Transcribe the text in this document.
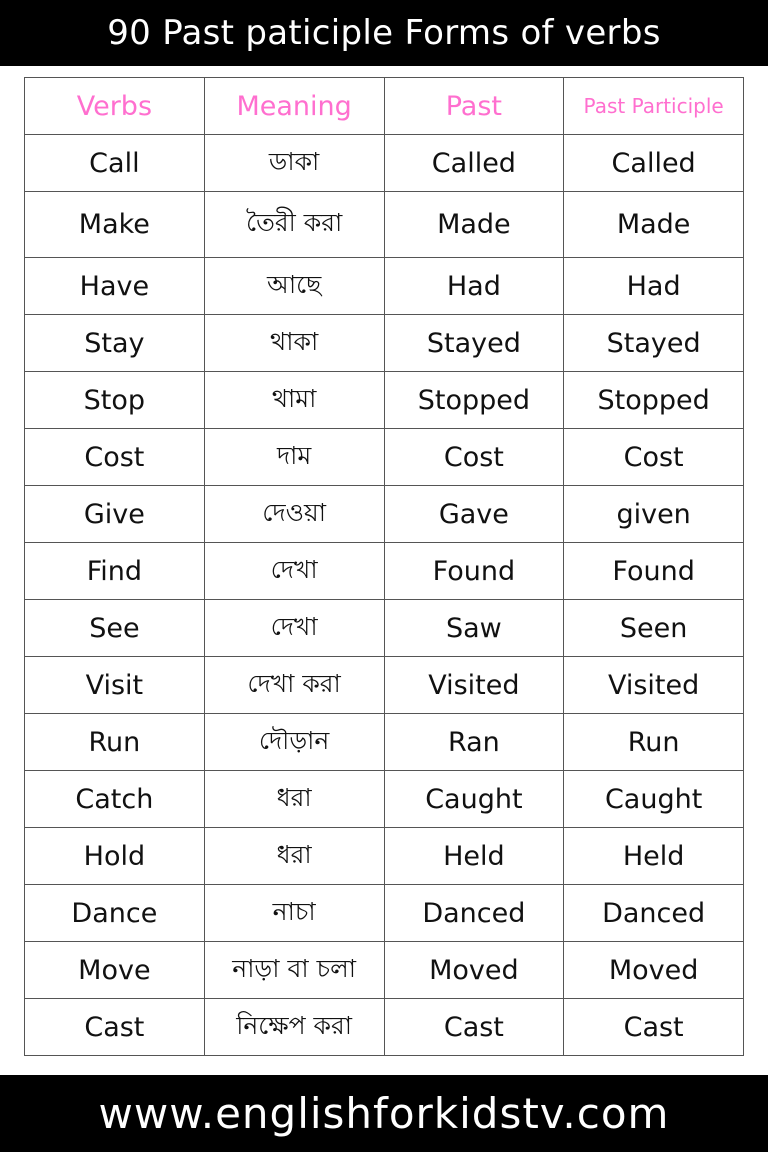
90 Past paticiple Forms of verbs
Verbs	Meaning	Past	Past Participle
Call	ডাকা	Called	Called
Make	তৈরী করা	Made	Made
Have	আছে	Had	Had
Stay	থাকা	Stayed	Stayed
Stop	থামা	Stopped	Stopped
Cost	দাম	Cost	Cost
Give	দেওয়া	Gave	given
Find	দেখা	Found	Found
See	দেখা	Saw	Seen
Visit	দেখা করা	Visited	Visited
Run	দৌড়ান	Ran	Run
Catch	ধরা	Caught	Caught
Hold	ধরা	Held	Held
Dance	নাচা	Danced	Danced
Move	নাড়া বা চলা	Moved	Moved
Cast	নিক্ষেপ করা	Cast	Cast
www.englishforkidstv.com
